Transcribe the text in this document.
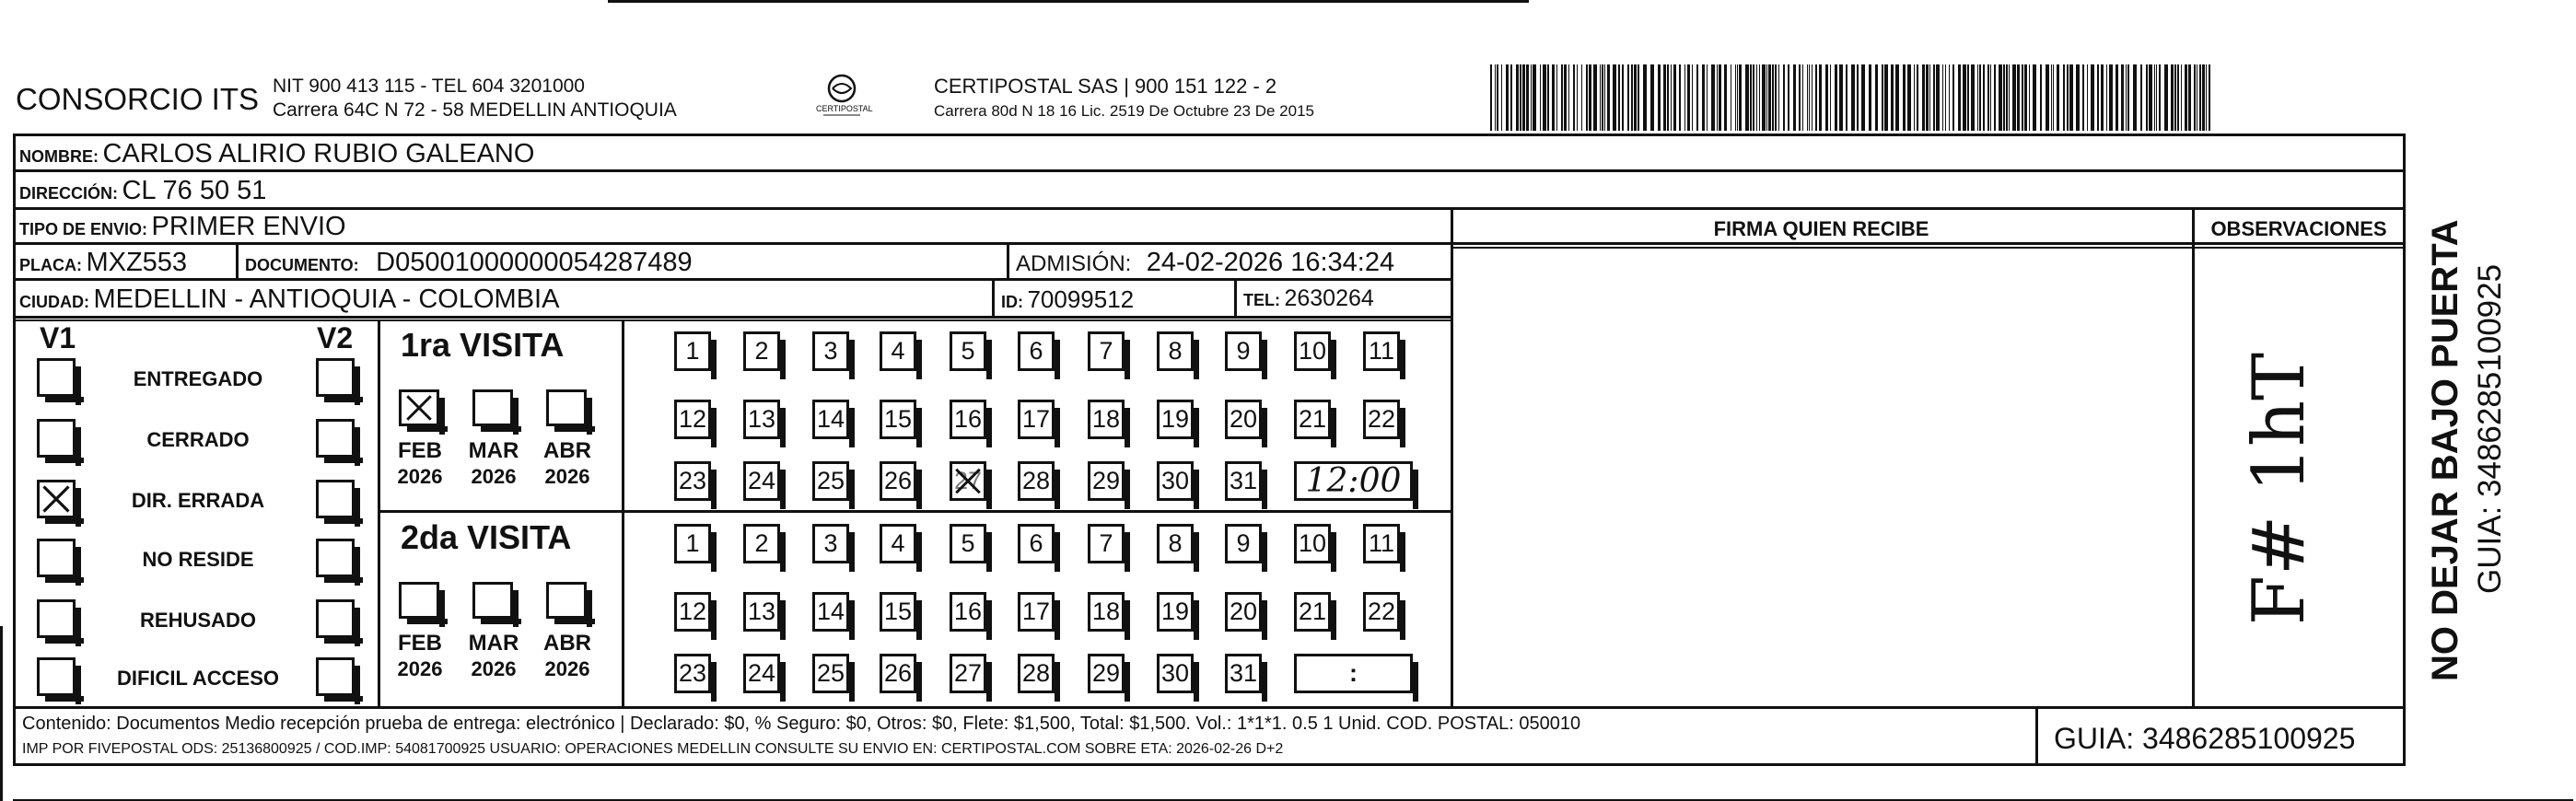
CONSORCIO ITS NIT 900 413 115 - TEL 604 3201000
Carrera 64C N 72 - 58 MEDELLIN ANTIOQUIA	CERTIPOSTAL
CERTIPOSTAL SAS | 900 151 122 - 2
Carrera 80d N 18 16 Lic. 2519 De Octubre 23 De 2015
NOMBRE: CARLOS ALIRIO RUBIO GALEANO
DIRECCIÓN: CL 76 50 51
TIPO DE ENVIO: PRIMER ENVIO
PLACA: MXZ553	DOCUMENTO: D05001000000054287489	ADMISIÓN: 24-02-2026 16:34:24
CIUDAD: MEDELLIN - ANTIOQUIA - COLOMBIA	ID: 70099512	TEL: 2630264
FIRMA QUIEN RECIBE	OBSERVACIONES
F# 1hT	NO DEJAR BAJO PUERTA GUIA: 3486285100925
V1	V2
ENTREGADO
CERRADO
DIR. ERRADA
NO RESIDE
REHUSADO
DIFICIL ACCESO
1ra VISITA
FEB
2026
MAR
2026
ABR
2026
1	2	3	4	5	6	7	8	9	10 11
12 13 14 15 16 17 18 19 20 21 22
23 24 25 26 27 28 29 30 31	12:00
2da VISITA
FEB
2026
MAR
2026
ABR
2026
1	2	3	4	5	6	7	8	9	10 11
12 13 14 15 16 17 18 19 20 21 22
23 24 25 26 27 28 29 30 31	:
Contenido: Documentos Medio recepción prueba de entrega: electrónico | Declarado: $0, % Seguro: $0, Otros: $0, Flete: $1,500, Total: $1,500. Vol.: 1*1*1. 0.5 1 Unid. COD. POSTAL: 050010
IMP POR FIVEPOSTAL ODS: 25136800925 / COD.IMP: 54081700925 USUARIO: OPERACIONES MEDELLIN CONSULTE SU ENVIO EN: CERTIPOSTAL.COM SOBRE ETA: 2026-02-26 D+2	GUIA: 3486285100925
